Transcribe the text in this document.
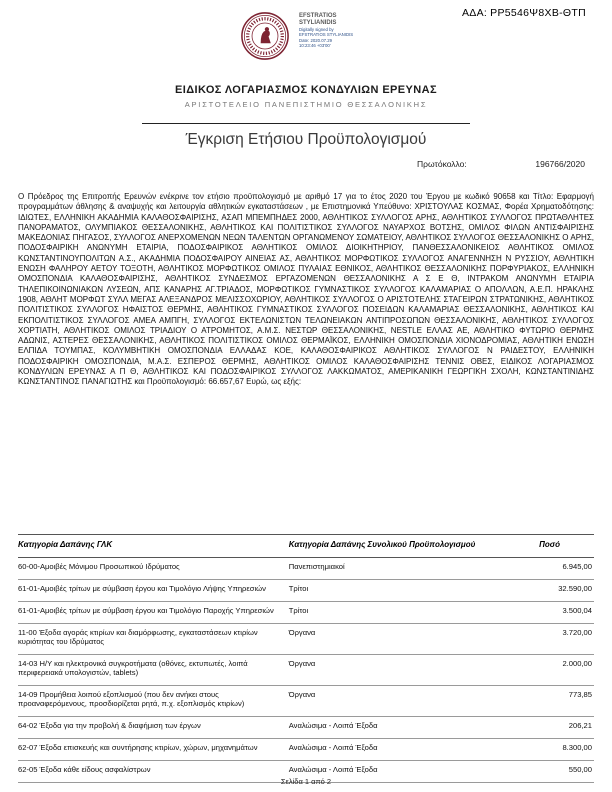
ΑΔΑ: ΡΡ5546Ψ8ΧΒ-ΘΤΠ
EFSTRATIOS
STYLIANIDIS
Digitally signed by
EFSTRATIOS STYLIANIDIS
Date: 2020.07.29
10:23:46 +03'00'
ΕΙΔΙΚΟΣ ΛΟΓΑΡΙΑΣΜΟΣ ΚΟΝΔΥΛΙΩΝ ΕΡΕΥΝΑΣ
ΑΡΙΣΤΟΤΕΛΕΙΟ ΠΑΝΕΠΙΣΤΗΜΙΟ ΘΕΣΣΑΛΟΝΙΚΗΣ
Έγκριση Ετήσιου Προϋπολογισμού
Πρωτόκολλο:	196766/2020
Ο Πρόεδρος της Επιτροπής Ερευνών ενέκρινε τον ετήσιο προϋπολογισμό με αριθμό 17 για το έτος 2020 του Έργου με κωδικό 90658 και Τίτλο: Εφαρμογή προγραμμάτων άθλησης & αναψυχής και λειτουργία αθλητικών εγκαταστάσεων , με Επιστημονικά Υπεύθυνο: ΧΡΙΣΤΟΥΛΑΣ ΚΟΣΜΑΣ, Φορέα Χρηματοδότησης: ΙΔΙΩΤΕΣ, ΕΛΛΗΝΙΚΗ ΑΚΑΔΗΜΙΑ ΚΑΛΑΘΟΣΦΑΙΡΙΣΗΣ, ΑΣΑΠ ΜΠΕΜΠΗΔΕΣ 2000, ΑΘΛΗΤΙΚΟΣ ΣΥΛΛΟΓΟΣ ΑΡΗΣ, ΑΘΛΗΤΙΚΟΣ ΣΥΛΛΟΓΟΣ ΠΡΩΤΑΘΛΗΤΕΣ ΠΑΝΟΡΑΜΑΤΟΣ, ΟΛΥΜΠΙΑΚΟΣ ΘΕΣΣΑΛΟΝΙΚΗΣ, ΑΘΛΗΤΙΚΟΣ ΚΑΙ ΠΟΛΙΤΙΣΤΙΚΟΣ ΣΥΛΛΟΓΟΣ ΝΑΥΑΡΧΟΣ ΒΟΤΣΗΣ, ΟΜΙΛΟΣ ΦΙΛΩΝ ΑΝΤΙΣΦΑΙΡΙΣΗΣ ΜΑΚΕΔΟΝΙΑΣ ΠΗΓΑΣΟΣ, ΣΥΛΛΟΓΟΣ ΑΝΕΡΧΟΜΕΝΩΝ ΝΕΩΝ ΤΑΛΕΝΤΩΝ ΟΡΓΑΝΩΜΕΝΟΥ ΣΩΜΑΤΕΙΟΥ, ΑΘΛΗΤΙΚΟΣ ΣΥΛΛΟΓΟΣ ΘΕΣΣΑΛΟΝΙΚΗΣ Ο ΑΡΗΣ, ΠΟΔΟΣΦΑΙΡΙΚΗ ΑΝΩΝΥΜΗ ΕΤΑΙΡΙΑ, ΠΟΔΟΣΦΑΙΡΙΚΟΣ ΑΘΛΗΤΙΚΟΣ ΟΜΙΛΟΣ ΔΙΟΙΚΗΤΗΡΙΟΥ, ΠΑΝΘΕΣΣΑΛΟΝΙΚΕΙΟΣ ΑΘΛΗΤΙΚΟΣ ΟΜΙΛΟΣ ΚΩΝΣΤΑΝΤΙΝΟΥΠΟΛΙΤΩΝ Α.Σ., ΑΚΑΔΗΜΙΑ ΠΟΔΟΣΦΑΙΡΟΥ ΑΙΝΕΙΑΣ ΑΣ, ΑΘΛΗΤΙΚΟΣ ΜΟΡΦΩΤΙΚΟΣ ΣΥΛΛΟΓΟΣ ΑΝΑΓΕΝΝΗΣΗ Ν ΡΥΣΣΙΟΥ, ΑΘΛΗΤΙΚΗ ΕΝΩΣΗ ΦΑΛΗΡΟΥ ΑΕΤΟΥ ΤΟΞΟΤΗ, ΑΘΛΗΤΙΚΟΣ ΜΟΡΦΩΤΙΚΟΣ ΟΜΙΛΟΣ ΠΥΛΑΙΑΣ ΕΘΝΙΚΟΣ, ΑΘΛΗΤΙΚΟΣ ΘΕΣΣΑΛΟΝΙΚΗΣ ΠΟΡΦΥΡΙΑΚΟΣ, ΕΛΛΗΝΙΚΗ ΟΜΟΣΠΟΝΔΙΑ ΚΑΛΑΘΟΣΦΑΙΡΙΣΗΣ, ΑΘΛΗΤΙΚΟΣ ΣΥΝΔΕΣΜΟΣ ΕΡΓΑΖΟΜΕΝΩΝ ΘΕΣΣΑΛΟΝΙΚΗΣ Α Σ Ε Θ, ΙΝΤΡΑΚΟΜ ΑΝΩΝΥΜΗ ΕΤΑΙΡΙΑ ΤΗΛΕΠΙΚΟΙΝΩΝΙΑΚΩΝ ΛΥΣΕΩΝ, ΑΠΣ ΚΑΝΑΡΗΣ ΑΓ.ΤΡΙΑΔΟΣ, ΜΟΡΦΩΤΙΚΟΣ ΓΥΜΝΑΣΤΙΚΟΣ ΣΥΛΛΟΓΟΣ ΚΑΛΑΜΑΡΙΑΣ Ο ΑΠΟΛΛΩΝ, Α.Ε.Π. ΗΡΑΚΛΗΣ 1908, ΑΘΛΗΤ ΜΟΡΦΩΤ ΣΥΛΛ ΜΕΓΑΣ ΑΛΕΞΑΝΔΡΟΣ ΜΕΛΙΣΣΟΧΩΡΙΟΥ, ΑΘΛΗΤΙΚΟΣ ΣΥΛΛΟΓΟΣ Ο ΑΡΙΣΤΟΤΕΛΗΣ ΣΤΑΓΕΙΡΩΝ ΣΤΡΑΤΩΝΙΚΗΣ, ΑΘΛΗΤΙΚΟΣ ΠΟΛΙΤΙΣΤΙΚΟΣ ΣΥΛΛΟΓΟΣ ΗΦΑΙΣΤΟΣ ΘΕΡΜΗΣ, ΑΘΛΗΤΙΚΟΣ ΓΥΜΝΑΣΤΙΚΟΣ ΣΥΛΛΟΓΟΣ ΠΟΣΕΙΔΩΝ ΚΑΛΑΜΑΡΙΑΣ ΘΕΣΣΑΛΟΝΙΚΗΣ, ΑΘΛΗΤΙΚΟΣ ΚΑΙ ΕΚΠΟΛΙΤΙΣΤΙΚΟΣ ΣΥΛΛΟΓΟΣ ΑΜΕΑ ΑΜΠΓΗ, ΣΥΛΛΟΓΟΣ ΕΚΤΕΛΩΝΙΣΤΩΝ ΤΕΛΩΝΕΙΑΚΩΝ ΑΝΤΙΠΡΟΣΩΠΩΝ ΘΕΣΣΑΛΟΝΙΚΗΣ, ΑΘΛΗΤΙΚΟΣ ΣΥΛΛΟΓΟΣ ΧΟΡΤΙΑΤΗ, ΑΘΛΗΤΙΚΟΣ ΟΜΙΛΟΣ ΤΡΙΑΔΙΟΥ Ο ΑΤΡΟΜΗΤΟΣ, Α.Μ.Σ. ΝΕΣΤΩΡ ΘΕΣΣΑΛΟΝΙΚΗΣ, NESTLE ΕΛΛΑΣ ΑΕ, ΑΘΛΗΤΙΚΟ ΦΥΤΩΡΙΟ ΘΕΡΜΗΣ ΑΔΩΝΙΣ, ΑΣΤΕΡΕΣ ΘΕΣΣΑΛΟΝΙΚΗΣ, ΑΘΛΗΤΙΚΟΣ ΠΟΛΙΤΙΣΤΙΚΟΣ ΟΜΙΛΟΣ ΘΕΡΜΑΪΚΟΣ, ΕΛΛΗΝΙΚΗ ΟΜΟΣΠΟΝΔΙΑ ΧΙΟΝΟΔΡΟΜΙΑΣ, ΑΘΛΗΤΙΚΗ ΕΝΩΣΗ ΕΛΠΙΔΑ ΤΟΥΜΠΑΣ, ΚΟΛΥΜΒΗΤΙΚΗ ΟΜΟΣΠΟΝΔΙΑ ΕΛΛΑΔΑΣ ΚΟΕ, ΚΑΛΑΘΟΣΦΑΙΡΙΚΟΣ ΑΘΛΗΤΙΚΟΣ ΣΥΛΛΟΓΟΣ Ν ΡΑΙΔΕΣΤΟΥ, ΕΛΛΗΝΙΚΗ ΠΟΔΟΣΦΑΙΡΙΚΗ ΟΜΟΣΠΟΝΔΙΑ, Μ.Α.Σ. ΕΣΠΕΡΟΣ ΘΕΡΜΗΣ, ΑΘΛΗΤΙΚΟΣ ΟΜΙΛΟΣ ΚΑΛΑΘΟΣΦΑΙΡΙΣΗΣ ΤΕΝΝΙΣ ΟΒΕΣ, ΕΙΔΙΚΟΣ ΛΟΓΑΡΙΑΣΜΟΣ ΚΟΝΔΥΛΙΩΝ ΕΡΕΥΝΑΣ Α Π Θ, ΑΘΛΗΤΙΚΟΣ ΚΑΙ ΠΟΔΟΣΦΑΙΡΙΚΟΣ ΣΥΛΛΟΓΟΣ ΛΑΚΚΩΜΑΤΟΣ, ΑΜΕΡΙΚΑΝΙΚΗ ΓΕΩΡΓΙΚΗ ΣΧΟΛΗ, ΚΩΝΣΤΑΝΤΙΝΙΔΗΣ ΚΩΝΣΤΑΝΤΙΝΟΣ ΠΑΝΑΓΙΩΤΗΣ και Προϋπολογισμό: 66.657,67 Ευρώ, ως εξής:
Κατηγορία Δαπάνης ΓΛΚ	Κατηγορία Δαπάνης Συνολικού Προϋπολογισμού	Ποσό
60-00-Αμοιβές Μόνιμου Προσωπικού Ιδρύματος	Πανεπιστημιακοί	6.945,00
61-01-Αμοιβές τρίτων με σύμβαση έργου και Τιμολόγιο Λήψης Υπηρεσιών	Τρίτοι	32.590,00
61-01-Αμοιβές τρίτων με σύμβαση έργου και Τιμολόγιο Παροχής Υπηρεσιών	Τρίτοι	3.500,04
11-00 Έξοδα αγοράς κτιρίων και διαμόρφωσης, εγκαταστάσεων κτιρίων κυριότητας του Ιδρύματος	Όργανα	3.720,00
14-03 Η/Υ και ηλεκτρονικά συγκροτήματα (οθόνες, εκτυπωτές, λοιπά περιφερειακά υπολογιστών, tablets)	Όργανα	2.000,00
14-09 Προμήθεια λοιπού εξοπλισμού (που δεν ανήκει στους προαναφερόμενους, προσδιορίζεται ρητά, π.χ. εξοπλισμός κτιρίων)	Όργανα	773,85
64-02 Έξοδα για την προβολή & διαφήμιση των έργων	Αναλώσιμα - Λοιπά Έξοδα	206,21
62-07 Έξοδα επισκευής και συντήρησης κτιρίων, χώρων, μηχανημάτων	Αναλώσιμα - Λοιπά Έξοδα	8.300,00
62-05 Έξοδα κάθε είδους ασφαλίστρων	Αναλώσιμα - Λοιπά Έξοδα	550,00
Σελίδα 1 από 2
